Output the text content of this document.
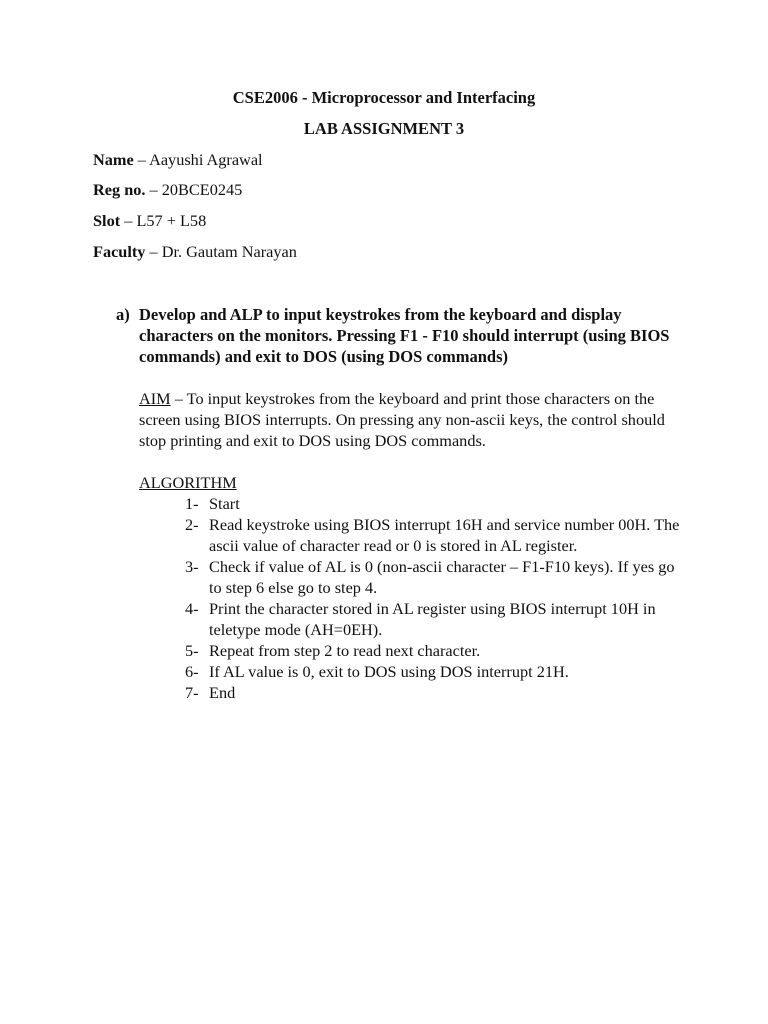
CSE2006 - Microprocessor and Interfacing
LAB ASSIGNMENT 3
Name – Aayushi Agrawal
Reg no. – 20BCE0245
Slot – L57 + L58
Faculty – Dr. Gautam Narayan
a) Develop and ALP to input keystrokes from the keyboard and display characters on the monitors. Pressing F1 - F10 should interrupt (using BIOS commands) and exit to DOS (using DOS commands)
AIM – To input keystrokes from the keyboard and print those characters on the screen using BIOS interrupts. On pressing any non-ascii keys, the control should stop printing and exit to DOS using DOS commands.
ALGORITHM
1- Start
2- Read keystroke using BIOS interrupt 16H and service number 00H. The ascii value of character read or 0 is stored in AL register.
3- Check if value of AL is 0 (non-ascii character – F1-F10 keys). If yes go to step 6 else go to step 4.
4- Print the character stored in AL register using BIOS interrupt 10H in teletype mode (AH=0EH).
5- Repeat from step 2 to read next character.
6- If AL value is 0, exit to DOS using DOS interrupt 21H.
7- End
